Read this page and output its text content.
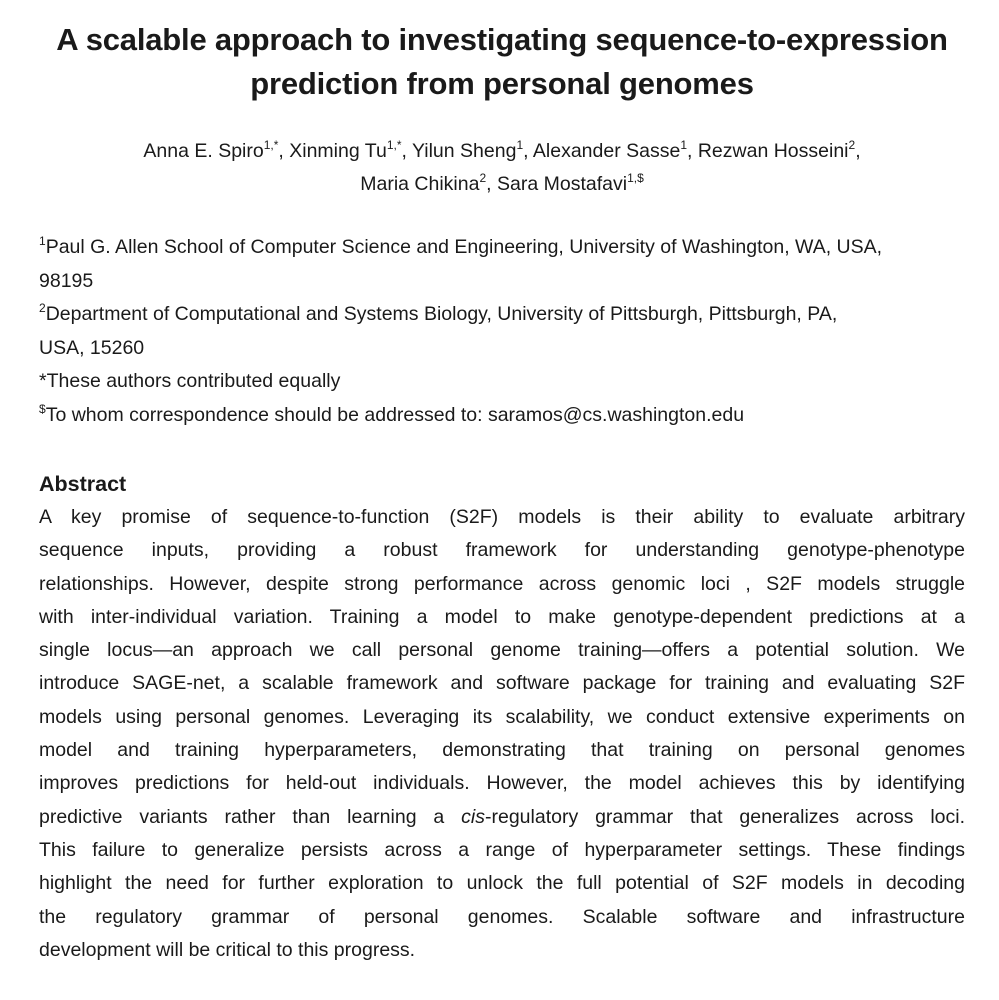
A scalable approach to investigating sequence-to-expression
prediction from personal genomes
Anna E. Spiro$^{1,*}$, Xinming $Tu^{1,*}$, Yilun Sheng$^1$, Alexander Sasse$^1$, Rezwan Hosseini$^2$,
Maria Chikina$^2$, Sara Mostafavi$^{1,\$}$
$^1$Paul G. Allen School of Computer Science and Engineering, University of Washington, WA, USA,
98195
$^2$Department of Computational and Systems Biology, University of Pittsburgh, Pittsburgh, PA,
USA, 15260
*These authors contributed equally
$To whom correspondence should be addressed to: saramos@cs.washington.edu
Abstract
A key promise of sequence-to-function (S2F) models is their ability to evaluate arbitrary
sequence inputs, providing a robust framework for understanding genotype-phenotype
relationships. However, despite strong performance across genomic loci , S2F models struggle
with inter-individual variation. Training a model to make genotype-dependent predictions at a
single locus—an approach we call personal genome training—offers a potential solution. We
introduce SAGE-net, a scalable framework and software package for training and evaluating S2F
models using personal genomes. Leveraging its scalability, we conduct extensive experiments on
model and training hyperparameters, demonstrating that training on personal genomes
improves predictions for held-out individuals. However, the model achieves this by identifying
predictive variants rather than learning a cis-regulatory grammar that generalizes across loci.
This failure to generalize persists across a range of hyperparameter settings. These findings
highlight the need for further exploration to unlock the full potential of S2F models in decoding
the regulatory grammar of personal genomes. Scalable software and infrastructure
development will be critical to this progress.
